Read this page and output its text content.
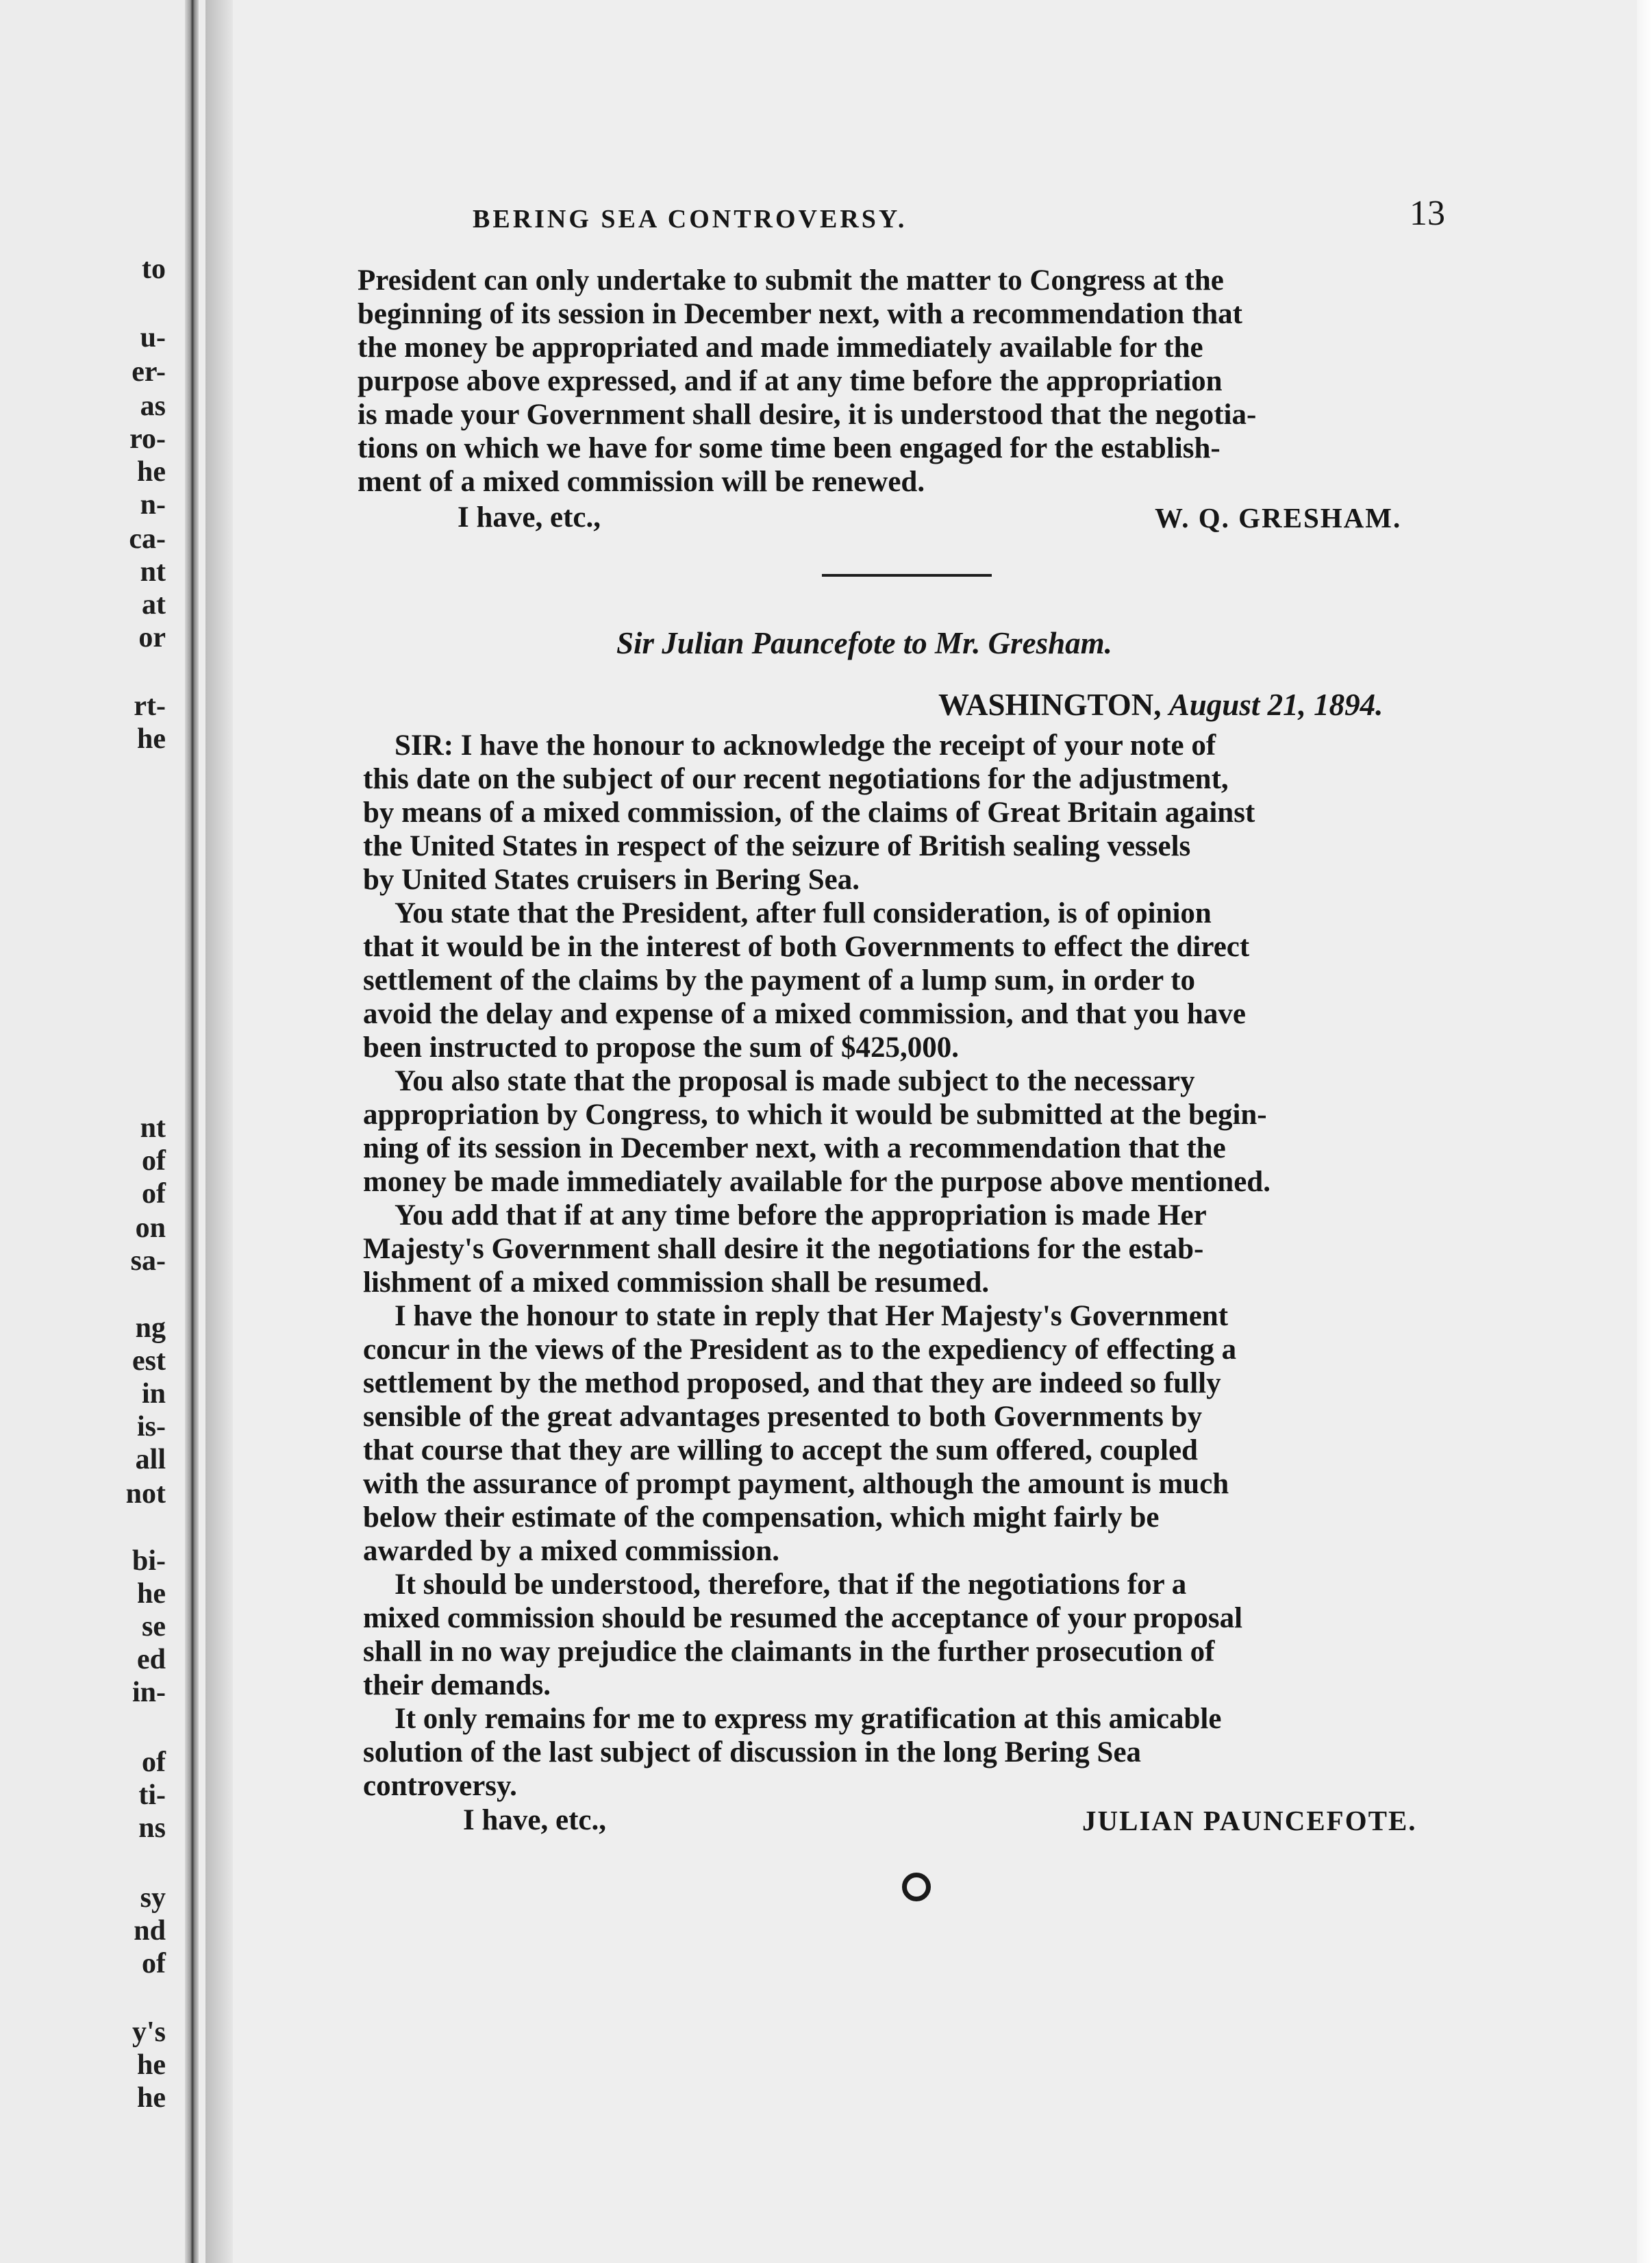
to
u-
er-
as
ro-
he
n-
ca-
nt
at
or
rt-
he
nt
of
of
on
sa-
ng
est
in
is-
all
not
bi-
he
se
ed
in-
of
ti-
ns
sy
nd
of
y's
he
he
BERING SEA CONTROVERSY.	13
President can only undertake to submit the matter to Congress at the
beginning of its session in December next, with a recommendation that
the money be appropriated and made immediately available for the
purpose above expressed, and if at any time before the appropriation
is made your Government shall desire, it is understood that the negotia-
tions on which we have for some time been engaged for the establish-
ment of a mixed commission will be renewed.
I have, etc.,	W. Q. GRESHAM.
Sir Julian Pauncefote to Mr. Gresham.
WASHINGTON, August 21, 1894.
SIR: I have the honour to acknowledge the receipt of your note of
this date on the subject of our recent negotiations for the adjustment,
by means of a mixed commission, of the claims of Great Britain against
the United States in respect of the seizure of British sealing vessels
by United States cruisers in Bering Sea.
You state that the President, after full consideration, is of opinion
that it would be in the interest of both Governments to effect the direct
settlement of the claims by the payment of a lump sum, in order to
avoid the delay and expense of a mixed commission, and that you have
been instructed to propose the sum of $425,000.
You also state that the proposal is made subject to the necessary
appropriation by Congress, to which it would be submitted at the begin-
ning of its session in December next, with a recommendation that the
money be made immediately available for the purpose above mentioned.
You add that if at any time before the appropriation is made Her
Majesty's Government shall desire it the negotiations for the estab-
lishment of a mixed commission shall be resumed.
I have the honour to state in reply that Her Majesty's Government
concur in the views of the President as to the expediency of effecting a
settlement by the method proposed, and that they are indeed so fully
sensible of the great advantages presented to both Governments by
that course that they are willing to accept the sum offered, coupled
with the assurance of prompt payment, although the amount is much
below their estimate of the compensation, which might fairly be
awarded by a mixed commission.
It should be understood, therefore, that if the negotiations for a
mixed commission should be resumed the acceptance of your proposal
shall in no way prejudice the claimants in the further prosecution of
their demands.
It only remains for me to express my gratification at this amicable
solution of the last subject of discussion in the long Bering Sea
controversy.
I have, etc.,	JULIAN PAUNCEFOTE.
